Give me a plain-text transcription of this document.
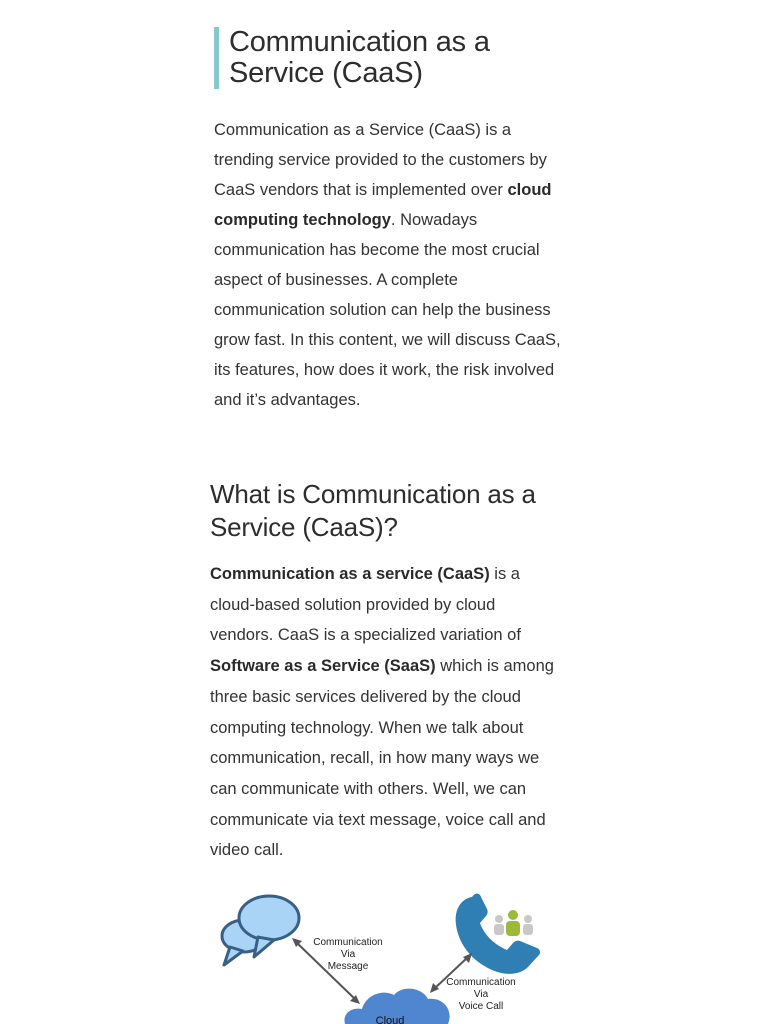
Communication as a Service (CaaS)

Communication as a Service (CaaS) is a trending service provided to the customers by CaaS vendors that is implemented over cloud computing technology. Nowadays communication has become the most crucial aspect of businesses. A complete communication solution can help the business grow fast. In this content, we will discuss CaaS, its features, how does it work, the risk involved and it’s advantages.

What is Communication as a Service (CaaS)?

Communication as a service (CaaS) is a cloud-based solution provided by cloud vendors. CaaS is a specialized variation of Software as a Service (SaaS) which is among three basic services delivered by the cloud computing technology. When we talk about communication, recall, in how many ways we can communicate with others. Well, we can communicate via text message, voice call and video call.

Communication
Via
Message
Communication
Via
Voice Call
Cloud
